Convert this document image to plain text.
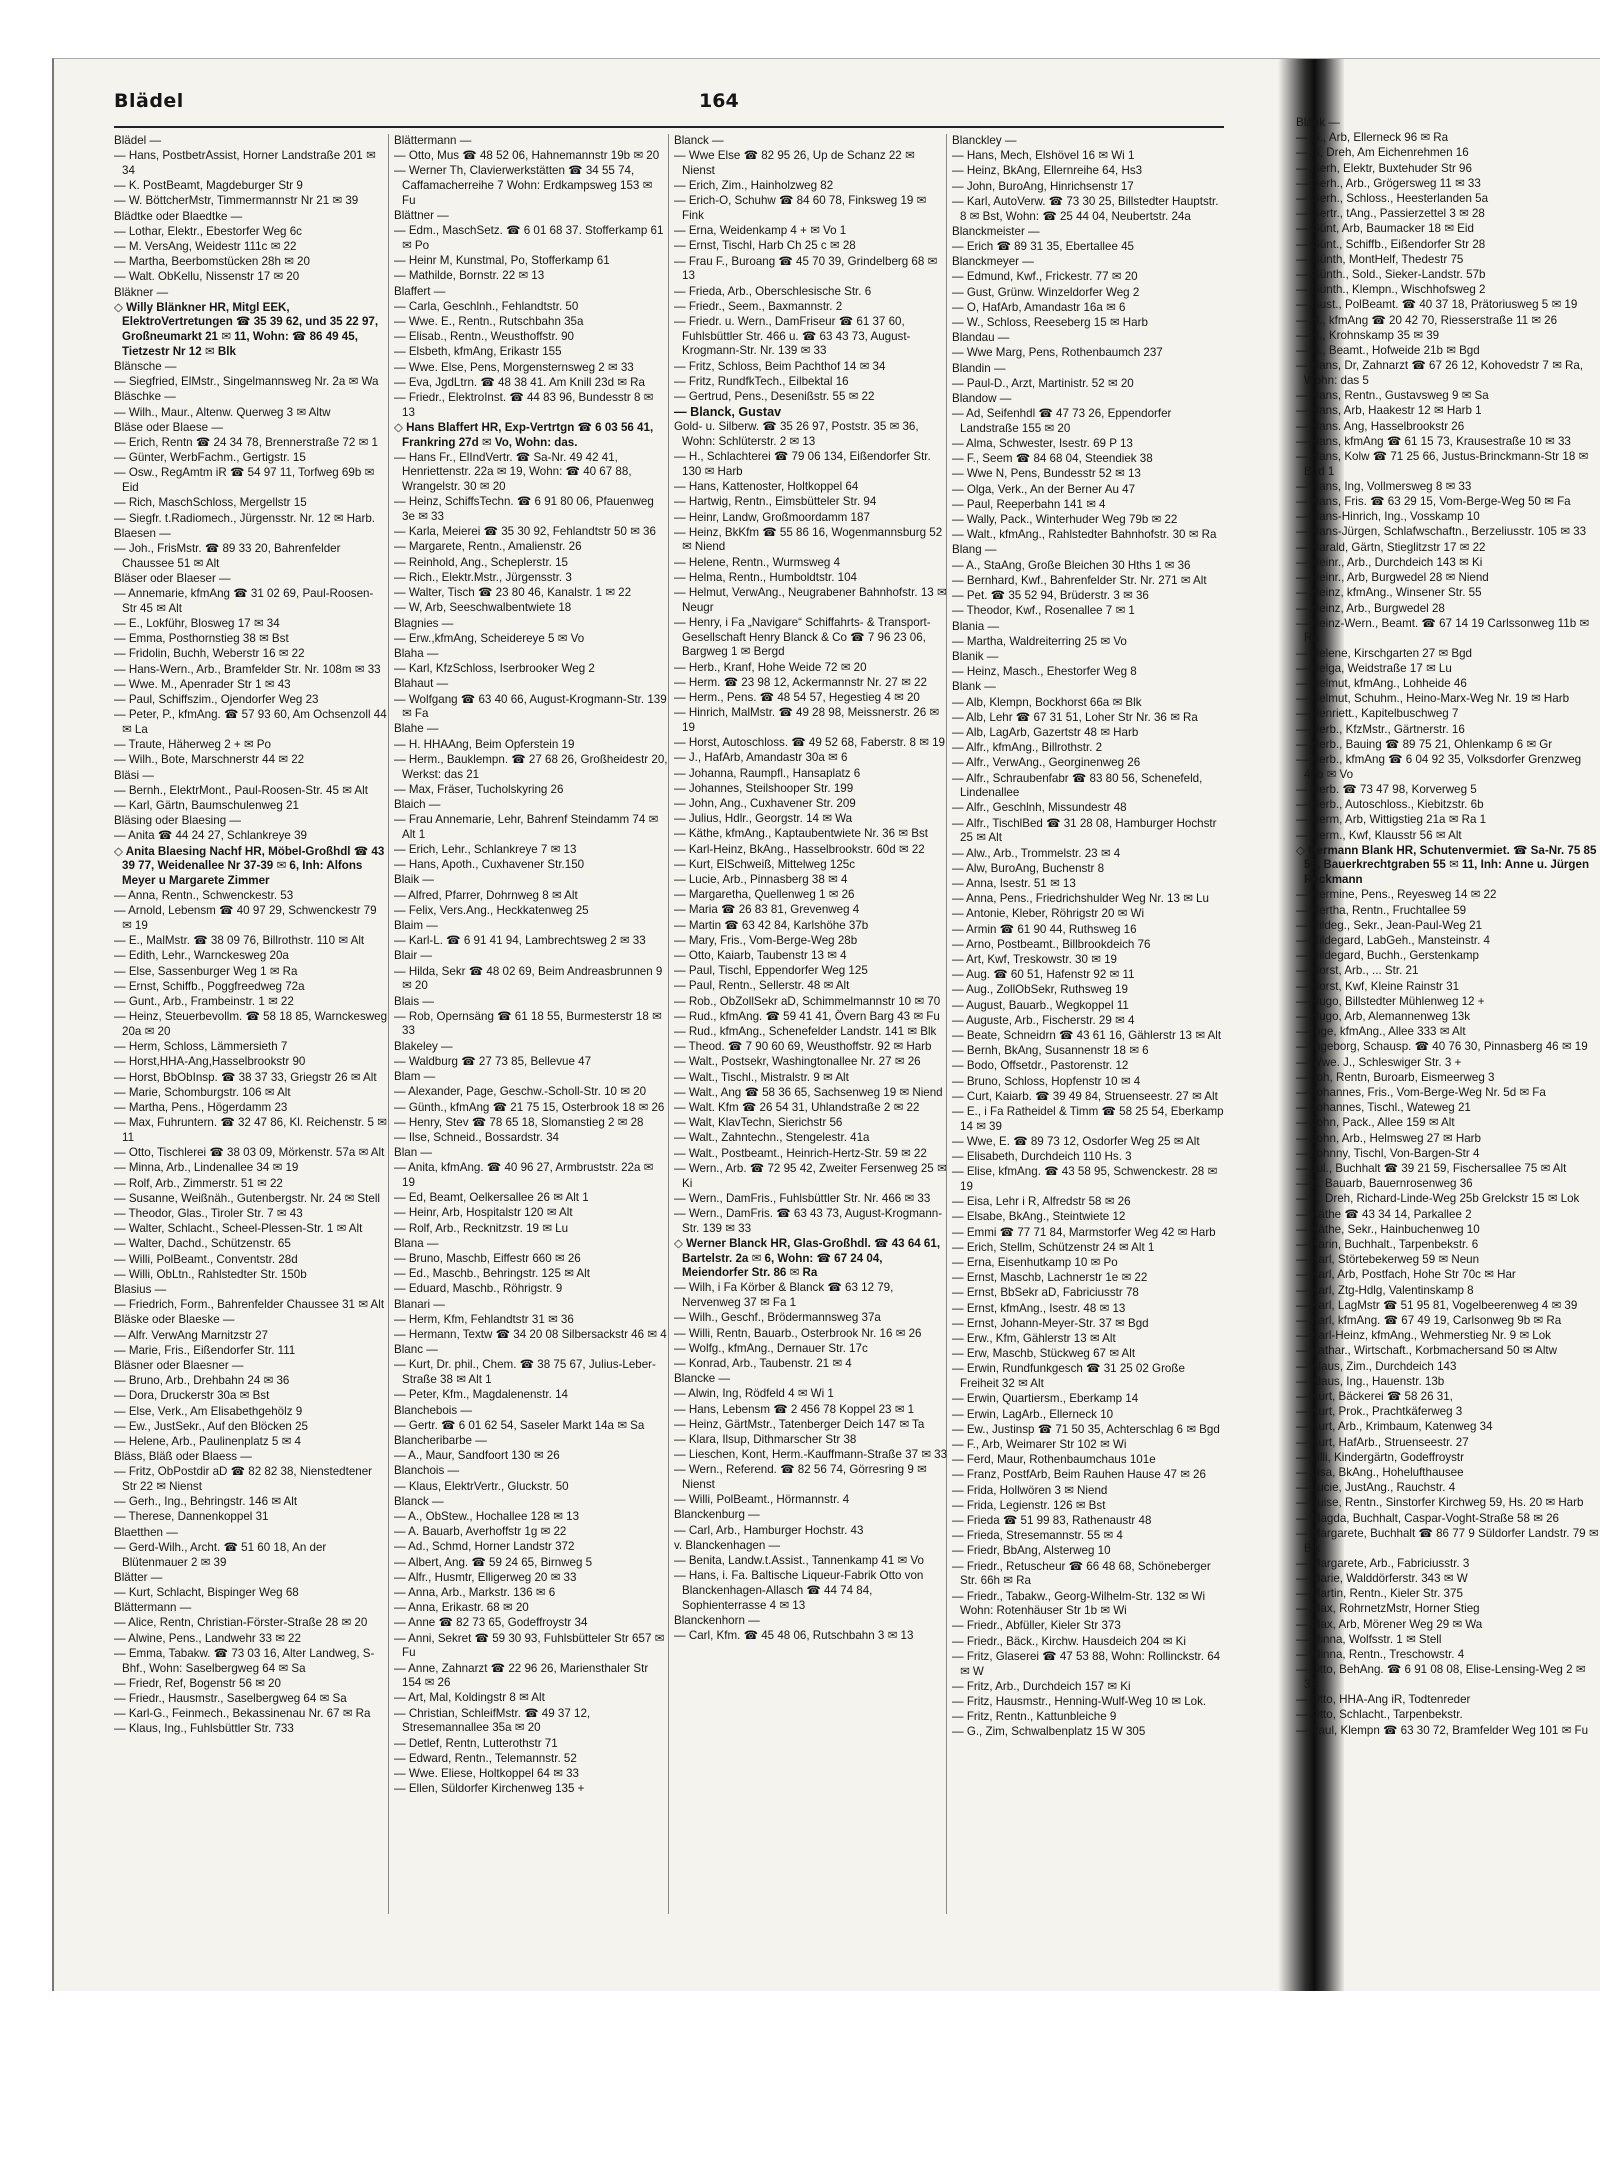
Blädel	164
Blädel —
— Hans, PostbetrAssist, Horner Landstraße 201 ✉ 34
— K. PostBeamt, Magdeburger Str 9
— W. BöttcherMstr, Timmermannstr Nr 21 ✉ 39
Blädtke oder Blaedtke —
— Lothar, Elektr., Ebestorfer Weg 6c
— M. VersAng, Weidestr 111c ✉ 22
— Martha, Beerbomstücken 28h ✉ 20
— Walt. ObKellu, Nissenstr 17 ✉ 20
Bläkner —
◇ Willy Blänkner HR, Mitgl EEK, ElektroVertretungen ☎ 35 39 62, und 35 22 97, Großneumarkt 21 ✉ 11, Wohn: ☎ 86 49 45, Tietzestr Nr 12 ✉ Blk
Blänsche —
— Siegfried, ElMstr., Singelmannsweg Nr. 2a ✉ Wa
Bläschke —
— Wilh., Maur., Altenw. Querweg 3 ✉ Altw
Bläse oder Blaese —
— Erich, Rentn ☎ 24 34 78, Brennerstraße 72 ✉ 1
— Günter, WerbFachm., Gertigstr. 15
— Osw., RegAmtm iR ☎ 54 97 11, Torfweg 69b ✉ Eid
— Rich, MaschSchloss, Mergellstr 15
— Siegfr. t.Radiomech., Jürgensstr. Nr. 12 ✉ Harb.
Blaesen —
— Joh., FrisMstr. ☎ 89 33 20, Bahrenfelder Chaussee 51 ✉ Alt
Bläser oder Blaeser —
— Annemarie, kfmAng ☎ 31 02 69, Paul-Roosen-Str 45 ✉ Alt
— E., Lokführ, Blosweg 17 ✉ 34
— Emma, Posthornstieg 38 ✉ Bst
— Fridolin, Buchh, Weberstr 16 ✉ 22
— Hans-Wern., Arb., Bramfelder Str. Nr. 108m ✉ 33
— Wwe. M., Apenrader Str 1 ✉ 43
— Paul, Schiffszim., Ojendorfer Weg 23
— Peter, P., kfmAng. ☎ 57 93 60, Am Ochsenzoll 44 ✉ La
— Traute, Häherweg 2 + ✉ Po
— Wilh., Bote, Marschnerstr 44 ✉ 22
Bläsi —
— Bernh., ElektrMont., Paul-Roosen-Str. 45 ✉ Alt
— Karl, Gärtn, Baumschulenweg 21
Bläsing oder Blaesing —
— Anita ☎ 44 24 27, Schlankreye 39
◇ Anita Blaesing Nachf HR, Möbel-Großhdl ☎ 43 39 77, Weidenallee Nr 37-39 ✉ 6, Inh: Alfons Meyer u Margarete Zimmer
— Anna, Rentn., Schwenckestr. 53
— Arnold, Lebensm ☎ 40 97 29, Schwenckestr 79 ✉ 19
— E., MalMstr. ☎ 38 09 76, Billrothstr. 110 ✉ Alt
— Edith, Lehr., Warnckesweg 20a
— Else, Sassenburger Weg 1 ✉ Ra
— Ernst, Schiffb., Poggfreedweg 72a
— Gunt., Arb., Frambeinstr. 1 ✉ 22
— Heinz, Steuerbevollm. ☎ 58 18 85, Warnckesweg 20a ✉ 20
— Herm, Schloss, Lämmersieth 7
— Horst,HHA-Ang,Hasselbrookstr 90
— Horst, BbObInsp. ☎ 38 37 33, Griegstr 26 ✉ Alt
— Marie, Schomburgstr. 106 ✉ Alt
— Martha, Pens., Högerdamm 23
— Max, Fuhruntern. ☎ 32 47 86, Kl. Reichenstr. 5 ✉ 11
— Otto, Tischlerei ☎ 38 03 09, Mörkenstr. 57a ✉ Alt
— Minna, Arb., Lindenallee 34 ✉ 19
— Rolf, Arb., Zimmerstr. 51 ✉ 22
— Susanne, Weißnäh., Gutenbergstr. Nr. 24 ✉ Stell
— Theodor, Glas., Tiroler Str. 7 ✉ 43
— Walter, Schlacht., Scheel-Plessen-Str. 1 ✉ Alt
— Walter, Dachd., Schützenstr. 65
— Willi, PolBeamt., Conventstr. 28d
— Willi, ObLtn., Rahlstedter Str. 150b
Blasius —
— Friedrich, Form., Bahrenfelder Chaussee 31 ✉ Alt
Bläske oder Blaeske —
— Alfr. VerwAng Marnitzstr 27
— Marie, Fris., Eißendorfer Str. 111
Bläsner oder Blaesner —
— Bruno, Arb., Drehbahn 24 ✉ 36
— Dora, Druckerstr 30a ✉ Bst
— Else, Verk., Am Elisabethgehölz 9
— Ew., JustSekr., Auf den Blöcken 25
— Helene, Arb., Paulinenplatz 5 ✉ 4
Bläss, Bläß oder Blaess —
— Fritz, ObPostdir aD ☎ 82 82 38, Nienstedtener Str 22 ✉ Nienst
— Gerh., Ing., Behringstr. 146 ✉ Alt
— Therese, Dannenkoppel 31
Blaetthen —
— Gerd-Wilh., Archt. ☎ 51 60 18, An der Blütenmauer 2 ✉ 39
Blätter —
— Kurt, Schlacht, Bispinger Weg 68
Blättermann —
— Alice, Rentn, Christian-Förster-Straße 28 ✉ 20
— Alwine, Pens., Landwehr 33 ✉ 22
— Emma, Tabakw. ☎ 73 03 16, Alter Landweg, S-Bhf., Wohn: Saselbergweg 64 ✉ Sa
— Friedr, Ref, Bogenstr 56 ✉ 20
— Friedr., Hausmstr., Saselbergweg 64 ✉ Sa
— Karl-G., Feinmech., Bekassinenau Nr. 67 ✉ Ra
— Klaus, Ing., Fuhlsbüttler Str. 733
Blättermann —
— Otto, Mus ☎ 48 52 06, Hahnemannstr 19b ✉ 20
— Werner Th, Clavierwerkstätten ☎ 34 55 74, Caffamacherreihe 7 Wohn: Erdkampsweg 153 ✉ Fu
Blättner —
— Edm., MaschSetz. ☎ 6 01 68 37. Stofferkamp 61 ✉ Po
— Heinr M, Kunstmal, Po, Stofferkamp 61
— Mathilde, Bornstr. 22 ✉ 13
Blaffert —
— Carla, Geschlnh., Fehlandtstr. 50
— Wwe. E., Rentn., Rutschbahn 35a
— Elisab., Rentn., Weusthoffstr. 90
— Elsbeth, kfmAng, Erikastr 155
— Wwe. Else, Pens, Morgensternsweg 2 ✉ 33
— Eva, JgdLtrn. ☎ 48 38 41. Am Knill 23d ✉ Ra
— Friedr., ElektroInst. ☎ 44 83 96, Bundesstr 8 ✉ 13
◇ Hans Blaffert HR, Exp-Vertrtgn ☎ 6 03 56 41, Frankring 27d ✉ Vo, Wohn: das.
— Hans Fr., ElIndVertr. ☎ Sa-Nr. 49 42 41, Henriettenstr. 22a ✉ 19, Wohn: ☎ 40 67 88, Wrangelstr. 30 ✉ 20
— Heinz, SchiffsTechn. ☎ 6 91 80 06, Pfauenweg 3e ✉ 33
— Karla, Meierei ☎ 35 30 92, Fehlandtstr 50 ✉ 36
— Margarete, Rentn., Amalienstr. 26
— Reinhold, Ang., Scheplerstr. 15
— Rich., Elektr.Mstr., Jürgensstr. 3
— Walter, Tisch ☎ 23 80 46, Kanalstr. 1 ✉ 22
— W, Arb, Seeschwalbentwiete 18
Blagnies —
— Erw.,kfmAng, Scheidereye 5 ✉ Vo
Blaha —
— Karl, KfzSchloss, Iserbrooker Weg 2
Blahaut —
— Wolfgang ☎ 63 40 66, August-Krogmann-Str. 139 ✉ Fa
Blahe —
— H. HHAAng, Beim Opferstein 19
— Herm., Bauklempn. ☎ 27 68 26, Großheidestr 20, Werkst: das 21
— Max, Fräser, Tucholskyring 26
Blaich —
— Frau Annemarie, Lehr, Bahrenf Steindamm 74 ✉ Alt 1
— Erich, Lehr., Schlankreye 7 ✉ 13
— Hans, Apoth., Cuxhavener Str.150
Blaik —
— Alfred, Pfarrer, Dohrnweg 8 ✉ Alt
— Felix, Vers.Ang., Heckkatenweg 25
Blaim —
— Karl-L. ☎ 6 91 41 94, Lambrechtsweg 2 ✉ 33
Blair —
— Hilda, Sekr ☎ 48 02 69, Beim Andreasbrunnen 9 ✉ 20
Blais —
— Rob, Opernsäng ☎ 61 18 55, Burmesterstr 18 ✉ 33
Blakeley —
— Waldburg ☎ 27 73 85, Bellevue 47
Blam —
— Alexander, Page, Geschw.-Scholl-Str. 10 ✉ 20
— Günth., kfmAng ☎ 21 75 15, Osterbrook 18 ✉ 26
— Henry, Stev ☎ 78 65 18, Slomanstieg 2 ✉ 28
— Ilse, Schneid., Bossardstr. 34
Blan —
— Anita, kfmAng. ☎ 40 96 27, Armbruststr. 22a ✉ 19
— Ed, Beamt, Oelkersallee 26 ✉ Alt 1
— Heinr, Arb, Hospitalstr 120 ✉ Alt
— Rolf, Arb., Recknitzstr. 19 ✉ Lu
Blana —
— Bruno, Maschb, Eiffestr 660 ✉ 26
— Ed., Maschb., Behringstr. 125 ✉ Alt
— Eduard, Maschb., Röhrigstr. 9
Blanari —
— Herm, Kfm, Fehlandtstr 31 ✉ 36
— Hermann, Textw ☎ 34 20 08 Silbersackstr 46 ✉ 4
Blanc —
— Kurt, Dr. phil., Chem. ☎ 38 75 67, Julius-Leber-Straße 38 ✉ Alt 1
— Peter, Kfm., Magdalenenstr. 14
Blanchebois —
— Gertr. ☎ 6 01 62 54, Saseler Markt 14a ✉ Sa
Blancheribarbe —
— A., Maur, Sandfoort 130 ✉ 26
Blanchois —
— Klaus, ElektrVertr., Gluckstr. 50
Blanck —
— A., ObStew., Hochallee 128 ✉ 13
— A. Bauarb, Averhoffstr 1g ✉ 22
— Ad., Schmd, Horner Landstr 372
— Albert, Ang. ☎ 59 24 65, Birnweg 5
— Alfr., Husmtr, Elligerweg 20 ✉ 33
— Anna, Arb., Markstr. 136 ✉ 6
— Anna, Erikastr. 68 ✉ 20
— Anne ☎ 82 73 65, Godeffroystr 34
— Anni, Sekret ☎ 59 30 93, Fuhlsbütteler Str 657 ✉ Fu
— Anne, Zahnarzt ☎ 22 96 26, Mariensthaler Str 154 ✉ 26
— Art, Mal, Koldingstr 8 ✉ Alt
— Christian, SchleifMstr. ☎ 49 37 12, Stresemannallee 35a ✉ 20
— Detlef, Rentn, Lutterothstr 71
— Edward, Rentn., Telemannstr. 52
— Wwe. Eliese, Holtkoppel 64 ✉ 33
— Ellen, Süldorfer Kirchenweg 135 +
Blanck —
— Wwe Else ☎ 82 95 26, Up de Schanz 22 ✉ Nienst
— Erich, Zim., Hainholzweg 82
— Erich-O, Schuhw ☎ 84 60 78, Finksweg 19 ✉ Fink
— Erna, Weidenkamp 4 + ✉ Vo 1
— Ernst, Tischl, Harb Ch 25 c ✉ 28
— Frau F., Buroang ☎ 45 70 39, Grindelberg 68 ✉ 13
— Frieda, Arb., Oberschlesische Str. 6
— Friedr., Seem., Baxmannstr. 2
— Friedr. u. Wern., DamFriseur ☎ 61 37 60, Fuhlsbüttler Str. 466 u. ☎ 63 43 73, August-Krogmann-Str. Nr. 139 ✉ 33
— Fritz, Schloss, Beim Pachthof 14 ✉ 34
— Fritz, RundfkTech., Eilbektal 16
— Gertrud, Pens., Desenißstr. 55 ✉ 22
— Blanck, Gustav
Gold- u. Silberw. ☎ 35 26 97, Poststr. 35 ✉ 36, Wohn: Schlüterstr. 2 ✉ 13
— H., Schlachterei ☎ 79 06 134, Eißendorfer Str. 130 ✉ Harb
— Hans, Kattenoster, Holtkoppel 64
— Hartwig, Rentn., Eimsbütteler Str. 94
— Heinr, Landw, Großmoordamm 187
— Heinz, BkKfm ☎ 55 86 16, Wogenmannsburg 52 ✉ Niend
— Helene, Rentn., Wurmsweg 4
— Helma, Rentn., Humboldtstr. 104
— Helmut, VerwAng., Neugrabener Bahnhofstr. 13 ✉ Neugr
— Henry, i Fa „Navigare“ Schiffahrts- & Transport-Gesellschaft Henry Blanck & Co ☎ 7 96 23 06, Bargweg 1 ✉ Bergd
— Herb., Kranf, Hohe Weide 72 ✉ 20
— Herm. ☎ 23 98 12, Ackermannstr Nr. 27 ✉ 22
— Herm., Pens. ☎ 48 54 57, Hegestieg 4 ✉ 20
— Hinrich, MalMstr. ☎ 49 28 98, Meissnerstr. 26 ✉ 19
— Horst, Autoschloss. ☎ 49 52 68, Faberstr. 8 ✉ 19
— J., HafArb, Amandastr 30a ✉ 6
— Johanna, Raumpfl., Hansaplatz 6
— Johannes, Steilshooper Str. 199
— John, Ang., Cuxhavener Str. 209
— Julius, Hdlr., Georgstr. 14 ✉ Wa
— Käthe, kfmAng., Kaptaubentwiete Nr. 36 ✉ Bst
— Karl-Heinz, BkAng., Hasselbrookstr. 60d ✉ 22
— Kurt, ElSchweiß, Mittelweg 125c
— Lucie, Arb., Pinnasberg 38 ✉ 4
— Margaretha, Quellenweg 1 ✉ 26
— Maria ☎ 26 83 81, Grevenweg 4
— Martin ☎ 63 42 84, Karlshöhe 37b
— Mary, Fris., Vom-Berge-Weg 28b
— Otto, Kaiarb, Taubenstr 13 ✉ 4
— Paul, Tischl, Eppendorfer Weg 125
— Paul, Rentn., Sellerstr. 48 ✉ Alt
— Rob., ObZollSekr aD, Schimmelmannstr 10 ✉ 70
— Rud., kfmAng. ☎ 59 41 41, Övern Barg 43 ✉ Fu
— Rud., kfmAng., Schenefelder Landstr. 141 ✉ Blk
— Theod. ☎ 7 90 60 69, Weusthoffstr. 92 ✉ Harb
— Walt., Postsekr, Washingtonallee Nr. 27 ✉ 26
— Walt., Tischl., Mistralstr. 9 ✉ Alt
— Walt., Ang ☎ 58 36 65, Sachsenweg 19 ✉ Niend
— Walt. Kfm ☎ 26 54 31, Uhlandstraße 2 ✉ 22
— Walt, KlavTechn, Sierichstr 56
— Walt., Zahntechn., Stengelestr. 41a
— Walt., Postbeamt., Heinrich-Hertz-Str. 59 ✉ 22
— Wern., Arb. ☎ 72 95 42, Zweiter Fersenweg 25 ✉ Ki
— Wern., DamFris., Fuhlsbüttler Str. Nr. 466 ✉ 33
— Wern., DamFris. ☎ 63 43 73, August-Krogmann-Str. 139 ✉ 33
◇ Werner Blanck HR, Glas-Großhdl. ☎ 43 64 61, Bartelstr. 2a ✉ 6, Wohn: ☎ 67 24 04, Meiendorfer Str. 86 ✉ Ra
— Wilh, i Fa Körber & Blanck ☎ 63 12 79, Nervenweg 37 ✉ Fa 1
— Wilh., Geschf., Brödermannsweg 37a
— Willi, Rentn, Bauarb., Osterbrook Nr. 16 ✉ 26
— Wolfg., kfmAng., Dernauer Str. 17c
— Konrad, Arb., Taubenstr. 21 ✉ 4
Blancke —
— Alwin, Ing, Rödfeld 4 ✉ Wi 1
— Hans, Lebensm ☎ 2 456 78 Koppel 23 ✉ 1
— Heinz, GärtMstr., Tatenberger Deich 147 ✉ Ta
— Klara, Ilsup, Dithmarscher Str 38
— Lieschen, Kont, Herm.-Kauffmann-Straße 37 ✉ 33
— Wern., Referend. ☎ 82 56 74, Görresring 9 ✉ Nienst
— Willi, PolBeamt., Hörmannstr. 4
Blanckenburg —
— Carl, Arb., Hamburger Hochstr. 43
v. Blanckenhagen —
— Benita, Landw.t.Assist., Tannenkamp 41 ✉ Vo
— Hans, i. Fa. Baltische Liqueur-Fabrik Otto von Blanckenhagen-Allasch ☎ 44 74 84, Sophienterrasse 4 ✉ 13
Blanckenhorn —
— Carl, Kfm. ☎ 45 48 06, Rutschbahn 3 ✉ 13
Blanckley —
— Hans, Mech, Elshövel 16 ✉ Wi 1
— Heinz, BkAng, Ellernreihe 64, Hs3
— John, BuroAng, Hinrichsenstr 17
— Karl, AutoVerw. ☎ 73 30 25, Billstedter Hauptstr. 8 ✉ Bst, Wohn: ☎ 25 44 04, Neubertstr. 24a
Blanckmeister —
— Erich ☎ 89 31 35, Ebertallee 45
Blanckmeyer —
— Edmund, Kwf., Frickestr. 77 ✉ 20
— Gust, Grünw. Winzeldorfer Weg 2
— O, HafArb, Amandastr 16a ✉ 6
— W., Schloss, Reeseberg 15 ✉ Harb
Blandau —
— Wwe Marg, Pens, Rothenbaumch 237
Blandin —
— Paul-D., Arzt, Martinistr. 52 ✉ 20
Blandow —
— Ad, Seifenhdl ☎ 47 73 26, Eppendorfer Landstraße 155 ✉ 20
— Alma, Schwester, Isestr. 69 P 13
— F., Seem ☎ 84 68 04, Steendiek 38
— Wwe N, Pens, Bundesstr 52 ✉ 13
— Olga, Verk., An der Berner Au 47
— Paul, Reeperbahn 141 ✉ 4
— Wally, Pack., Winterhuder Weg 79b ✉ 22
— Walt., kfmAng., Rahlstedter Bahnhofstr. 30 ✉ Ra
Blang —
— A., StaAng, Große Bleichen 30 Hths 1 ✉ 36
— Bernhard, Kwf., Bahrenfelder Str. Nr. 271 ✉ Alt
— Pet. ☎ 35 52 94, Brüderstr. 3 ✉ 36
— Theodor, Kwf., Rosenallee 7 ✉ 1
Blania —
— Martha, Waldreiterring 25 ✉ Vo
Blanik —
— Heinz, Masch., Ehestorfer Weg 8
Blank —
— Alb, Klempn, Bockhorst 66a ✉ Blk
— Alb, Lehr ☎ 67 31 51, Loher Str Nr. 36 ✉ Ra
— Alb, LagArb, Gazertstr 48 ✉ Harb
— Alfr., kfmAng., Billrothstr. 2
— Alfr., VerwAng., Georginenweg 26
— Alfr., Schraubenfabr ☎ 83 80 56, Schenefeld, Lindenallee
— Alfr., Geschlnh, Missundestr 48
— Alfr., TischlBed ☎ 31 28 08, Hamburger Hochstr 25 ✉ Alt
— Alw., Arb., Trommelstr. 23 ✉ 4
— Alw, BuroAng, Buchenstr 8
— Anna, Isestr. 51 ✉ 13
— Anna, Pens., Friedrichshulder Weg Nr. 13 ✉ Lu
— Antonie, Kleber, Röhrigstr 20 ✉ Wi
— Armin ☎ 61 90 44, Ruthsweg 16
— Arno, Postbeamt., Billbrookdeich 76
— Art, Kwf, Treskowstr. 30 ✉ 19
— Aug. ☎ 60 51, Hafenstr 92 ✉ 11
— Aug., ZollObSekr, Ruthsweg 19
— August, Bauarb., Wegkoppel 11
— Auguste, Arb., Fischerstr. 29 ✉ 4
— Beate, Schneidrn ☎ 43 61 16, Gählerstr 13 ✉ Alt
— Bernh, BkAng, Susannenstr 18 ✉ 6
— Bodo, Offsetdr., Pastorenstr. 12
— Bruno, Schloss, Hopfenstr 10 ✉ 4
— Curt, Kaiarb. ☎ 39 49 84, Struenseestr. 27 ✉ Alt
— E., i Fa Ratheidel & Timm ☎ 58 25 54, Eberkamp 14 ✉ 39
— Wwe, E. ☎ 89 73 12, Osdorfer Weg 25 ✉ Alt
— Elisabeth, Durchdeich 110 Hs. 3
— Elise, kfmAng. ☎ 43 58 95, Schwenckestr. 28 ✉ 19
— Eisa, Lehr i R, Alfredstr 58 ✉ 26
— Elsabe, BkAng., Steintwiete 12
— Emmi ☎ 77 71 84, Marmstorfer Weg 42 ✉ Harb
— Erich, Stellm, Schützenstr 24 ✉ Alt 1
— Erna, Eisenhutkamp 10 ✉ Po
— Ernst, Maschb, Lachnerstr 1e ✉ 22
— Ernst, BbSekr aD, Fabriciusstr 78
— Ernst, kfmAng., Isestr. 48 ✉ 13
— Ernst, Johann-Meyer-Str. 37 ✉ Bgd
— Erw., Kfm, Gählerstr 13 ✉ Alt
— Erw, Maschb, Stückweg 67 ✉ Alt
— Erwin, Rundfunkgesch ☎ 31 25 02 Große Freiheit 32 ✉ Alt
— Erwin, Quartiersm., Eberkamp 14
— Erwin, LagArb., Ellerneck 10
— Ew., Justinsp ☎ 71 50 35, Achterschlag 6 ✉ Bgd
— F., Arb, Weimarer Str 102 ✉ Wi
— Ferd, Maur, Rothenbaumchaus 101e
— Franz, PostfArb, Beim Rauhen Hause 47 ✉ 26
— Frida, Hollwören 3 ✉ Niend
— Frida, Legienstr. 126 ✉ Bst
— Frieda ☎ 51 99 83, Rathenaustr 48
— Frieda, Stresemannstr. 55 ✉ 4
— Friedr, BbAng, Alsterweg 10
— Friedr., Retuscheur ☎ 66 48 68, Schöneberger Str. 66h ✉ Ra
— Friedr., Tabakw., Georg-Wilhelm-Str. 132 ✉ Wi Wohn: Rotenhäuser Str 1b ✉ Wi
— Friedr., Abfüller, Kieler Str 373
— Friedr., Bäck., Kirchw. Hausdeich 204 ✉ Ki
— Fritz, Glaserei ☎ 47 53 88, Wohn: Rollinckstr. 64 ✉ W
— Fritz, Arb., Durchdeich 157 ✉ Ki
— Fritz, Hausmstr., Henning-Wulf-Weg 10 ✉ Lok.
— Fritz, Rentn., Kattunbleiche 9
— G., Zim, Schwalbenplatz 15 W 305
Blank —
— G., Arb, Ellerneck 96 ✉ Ra
— G, Dreh, Am Eichenrehmen 16
— Gerh, Elektr, Buxtehuder Str 96
— Gerh., Arb., Grögersweg 11 ✉ 33
— Gerh., Schloss., Heesterlanden 5a
— Gertr., tAng., Passierzettel 3 ✉ 28
— Günt, Arb, Baumacker 18 ✉ Eid
— Günt., Schiffb., Eißendorfer Str 28
— Günth, MontHelf, Thedestr 75
— Günth., Sold., Sieker-Landstr. 57b
— Günth., Klempn., Wischhofsweg 2
— Gust., PolBeamt. ☎ 40 37 18, Prätoriusweg 5 ✉ 19
— H., kfmAng ☎ 20 42 70, Riesserstraße 11 ✉ 26
— H., Krohnskamp 35 ✉ 39
— H., Beamt., Hofweide 21b ✉ Bgd
— Hans, Dr, Zahnarzt ☎ 67 26 12, Kohovedstr 7 ✉ Ra, Wohn: das 5
— Hans, Rentn., Gustavsweg 9 ✉ Sa
— Hans, Arb, Haakestr 12 ✉ Harb 1
— Hans. Ang, Hasselbrookstr 26
— Hans, kfmAng ☎ 61 15 73, Krausestraße 10 ✉ 33
— Hans, Kolw ☎ 71 25 66, Justus-Brinckmann-Str 18 ✉ Bgd 1
— Hans, Ing, Vollmersweg 8 ✉ 33
— Hans, Fris. ☎ 63 29 15, Vom-Berge-Weg 50 ✉ Fa
— Hans-Hinrich, Ing., Vosskamp 10
— Hans-Jürgen, Schlafwschaftn., Berzeliusstr. 105 ✉ 33
— Harald, Gärtn, Stieglitzstr 17 ✉ 22
— Heinr., Arb., Durchdeich 143 ✉ Ki
— Heinr., Arb, Burgwedel 28 ✉ Niend
— Heinz, kfmAng., Winsener Str. 55
— Heinz, Arb., Burgwedel 28
— Heinz-Wern., Beamt. ☎ 67 14 19 Carlssonweg 11b ✉ Ra
— Helene, Kirschgarten 27 ✉ Bgd
— Helga, Weidstraße 17 ✉ Lu
— Helmut, kfmAng., Lohheide 46
— Helmut, Schuhm., Heino-Marx-Weg Nr. 19 ✉ Harb
— Henriett., Kapitelbuschweg 7
— Herb., KfzMstr., Gärtnerstr. 16
— Herb., Bauing ☎ 89 75 21, Ohlenkamp 6 ✉ Gr
— Herb., kfmAng ☎ 6 04 92 35, Volksdorfer Grenzweg 40b ✉ Vo
— Herb. ☎ 73 47 98, Korverweg 5
— Herb., Autoschloss., Kiebitzstr. 6b
— Herm, Arb, Wittigstieg 21a ✉ Ra 1
— Herm., Kwf, Klausstr 56 ✉ Alt
◇ Hermann Blank HR, Schutenvermiet. ☎ Sa-Nr. 75 85 55, Bauerkrechtgraben 55 ✉ 11, Inh: Anne u. Jürgen Reckmann
— Hermine, Pens., Reyesweg 14 ✉ 22
— Hertha, Rentn., Fruchtallee 59
— Hildeg., Sekr., Jean-Paul-Weg 21
— Hildegard, LabGeh., Mansteinstr. 4
— Hildegard, Buchh., Gerstenkamp
— Horst, Arb., ... Str. 21
— Horst, Kwf, Kleine Rainstr 31
— Hugo, Billstedter Mühlenweg 12 +
— Hugo, Arb, Alemannenweg 13k
— Inge, kfmAng., Allee 333 ✉ Alt
— Ingeborg, Schausp. ☎ 40 76 30, Pinnasberg 46 ✉ 19
— Wwe. J., Schleswiger Str. 3 +
— Joh, Rentn, Buroarb, Eismeerweg 3
— Johannes, Fris., Vom-Berge-Weg Nr. 5d ✉ Fa
— Johannes, Tischl., Wateweg 21
— John, Pack., Allee 159 ✉ Alt
— John, Arb., Helmsweg 27 ✉ Harb
— Johnny, Tischl, Von-Bargen-Str 4
— Jul., Buchhalt ☎ 39 21 59, Fischersallee 75 ✉ Alt
— K. Bauarb, Bauernrosenweg 36
— K. Dreh, Richard-Linde-Weg 25b Grelckstr 15 ✉ Lok
— Käthe ☎ 43 34 14, Parkallee 2
— Käthe, Sekr., Hainbuchenweg 10
— Karin, Buchhalt., Tarpenbekstr. 6
— Karl, Störtebekerweg 59 ✉ Neun
— Karl, Arb, Postfach, Hohe Str 70c ✉ Har
— Karl, Ztg-Hdlg, Valentinskamp 8
— Karl, LagMstr ☎ 51 95 81, Vogelbeerenweg 4 ✉ 39
— Karl, kfmAng. ☎ 67 49 19, Carlsonweg 9b ✉ Ra
— Karl-Heinz, kfmAng., Wehmerstieg Nr. 9 ✉ Lok
— Kathar., Wirtschaft., Korbmachersand 50 ✉ Altw
— Klaus, Zim., Durchdeich 143
— Klaus, Ing., Hauenstr. 13b
— Kurt, Bäckerei ☎ 58 26 31,
— Kurt, Prok., Prachtkäferweg 3
— Kurt, Arb., Krimbaum, Katenweg 34
— Kurt, HafArb., Struenseestr. 27
— Lilli, Kindergärtn, Godeffroystr
— Lisa, BkAng., Hohelufthausee
— Lucie, JustAng., Rauchstr. 4
— Luise, Rentn., Sinstorfer Kirchweg 59, Hs. 20 ✉ Harb
— Magda, Buchhalt, Caspar-Voght-Straße 58 ✉ 26
— Margarete, Buchhalt ☎ 86 77 9 Süldorfer Landstr. 79 ✉ Blk
— Margarete, Arb., Fabriciusstr. 3
— Marie, Walddörferstr. 343 ✉ W
— Martin, Rentn., Kieler Str. 375
— Max, RohrnetzMstr, Horner Stieg
— Max, Arb, Mörener Weg 29 ✉ Wa
— Minna, Wolfsstr. 1 ✉ Stell
— Minna, Rentn., Treschowstr. 4
— Otto, BehAng. ☎ 6 91 08 08, Elise-Lensing-Weg 2 ✉ 33
— Otto, HHA-Ang iR, Todtenreder
— Otto, Schlacht., Tarpenbekstr.
— Paul, Klempn ☎ 63 30 72, Bramfelder Weg 101 ✉ Fu
